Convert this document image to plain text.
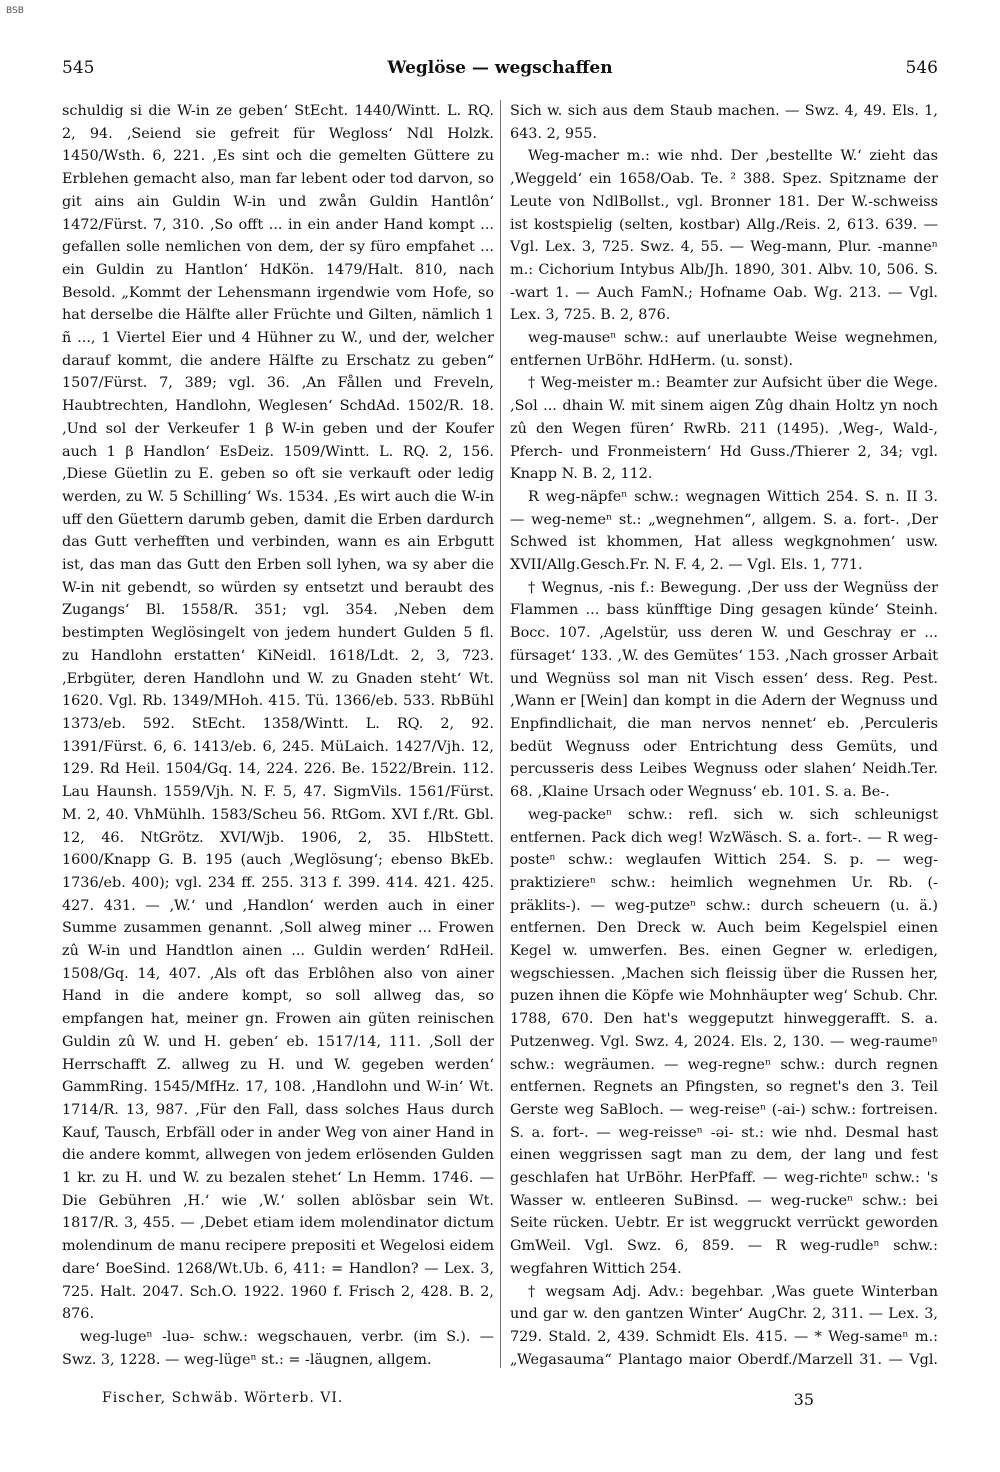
BSB
545	Weglöse — wegschaffen	546

schuldig si die W-in ze geben‘ StEcht. 1440/Wintt. L. RQ. 2, 94. ‚Seiend sie gefreit für Wegloss‘ Ndl Holzk. 1450/Wsth. 6, 221. ‚Es sint och die gemelten Güttere zu Erblehen gemacht also, man far lebent oder tod darvon, so git ains ain Guldin W-in und zwån Guldin Hantlôn‘ 1472/Fürst. 7, 310. ‚So offt ... in ein ander Hand kompt ... gefallen solle nemlichen von dem, der sy füro empfahet ... ein Guldin zu Hantlon‘ HdKön. 1479/Halt. 810, nach Besold. „Kommt der Lehensmann irgendwie vom Hofe, so hat derselbe die Hälfte aller Früchte und Gilten, nämlich 1 ñ ..., 1 Viertel Eier und 4 Hühner zu W., und der, welcher darauf kommt, die andere Hälfte zu Erschatz zu geben“ 1507/Fürst. 7, 389; vgl. 36. ‚An Fållen und Freveln, Haubtrechten, Handlohn, Weglesen‘ SchdAd. 1502/R. 18. ‚Und sol der Verkeufer 1 β W-in geben und der Koufer auch 1 β Handlon‘ EsDeiz. 1509/Wintt. L. RQ. 2, 156. ‚Diese Güetlin zu E. geben so oft sie verkauft oder ledig werden, zu W. 5 Schilling‘ Ws. 1534. ‚Es wirt auch die W-in uff den Güettern darumb geben, damit die Erben dardurch das Gutt verhefften und verbinden, wann es ain Erbgutt ist, das man das Gutt den Erben soll lyhen, wa sy aber die W-in nit gebendt, so würden sy entsetzt und beraubt des Zugangs‘ Bl. 1558/R. 351; vgl. 354. ‚Neben dem bestimpten Weglösingelt von jedem hundert Gulden 5 fl. zu Handlohn erstatten‘ KiNeidl. 1618/Ldt. 2, 3, 723. ‚Erbgüter, deren Handlohn und W. zu Gnaden steht‘ Wt. 1620. Vgl. Rb. 1349/MHoh. 415. Tü. 1366/eb. 533. RbBühl 1373/eb. 592. StEcht. 1358/Wintt. L. RQ. 2, 92. 1391/Fürst. 6, 6. 1413/eb. 6, 245. MüLaich. 1427/Vjh. 12, 129. Rd Heil. 1504/Gq. 14, 224. 226. Be. 1522/Brein. 112. Lau Haunsh. 1559/Vjh. N. F. 5, 47. SigmVils. 1561/Fürst. M. 2, 40. VhMühlh. 1583/Scheu 56. RtGom. XVI f./Rt. Gbl. 12, 46. NtGrötz. XVI/Wjb. 1906, 2, 35. HlbStett. 1600/Knapp G. B. 195 (auch ‚Weglösung‘; ebenso BkEb. 1736/eb. 400); vgl. 234 ff. 255. 313 f. 399. 414. 421. 425. 427. 431. — ‚W.‘ und ‚Handlon‘ werden auch in einer Summe zusammen genannt. ‚Soll alweg miner ... Frowen zû W-in und Handtlon ainen ... Guldin werden‘ RdHeil. 1508/Gq. 14, 407. ‚Als oft das Erblôhen also von ainer Hand in die andere kompt, so soll allweg das, so empfangen hat, meiner gn. Frowen ain güten reinischen Guldin zû W. und H. geben‘ eb. 1517/14, 111. ‚Soll der Herrschafft Z. allweg zu H. und W. gegeben werden‘ GammRing. 1545/MfHz. 17, 108. ‚Handlohn und W-in‘ Wt. 1714/R. 13, 987. ‚Für den Fall, dass solches Haus durch Kauf, Tausch, Erbfäll oder in ander Weg von ainer Hand in die andere kommt, allwegen von jedem erlösenden Gulden 1 kr. zu H. und W. zu bezalen stehet‘ Ln Hemm. 1746. — Die Gebühren ‚H.‘ wie ‚W.‘ sollen ablösbar sein Wt. 1817/R. 3, 455. — ‚Debet etiam idem molendinator dictum molendinum de manu recipere prepositi et Wegelosi eidem dare‘ BoeSind. 1268/Wt.Ub. 6, 411: = Handlon? — Lex. 3, 725. Halt. 2047. Sch.O. 1922. 1960 f. Frisch 2, 428. B. 2, 876.

weg-lugeⁿ -luə- schw.: wegschauen, verbr. (im S.). — Swz. 3, 1228. — weg-lügeⁿ st.: = -läugnen, allgem.

Sich w. sich aus dem Staub machen. — Swz. 4, 49. Els. 1, 643. 2, 955.

Weg-macher m.: wie nhd. Der ‚bestellte W.‘ zieht das ‚Weggeld‘ ein 1658/Oab. Te. ² 388. Spez. Spitzname der Leute von NdlBollst., vgl. Bronner 181. Der W.-schweiss ist kostspielig (selten, kostbar) Allg./Reis. 2, 613. 639. — Vgl. Lex. 3, 725. Swz. 4, 55. — Weg-mann, Plur. -manneⁿ m.: Cichorium Intybus Alb/Jh. 1890, 301. Albv. 10, 506. S. -wart 1. — Auch FamN.; Hofname Oab. Wg. 213. — Vgl. Lex. 3, 725. B. 2, 876.

weg-mauseⁿ schw.: auf unerlaubte Weise wegnehmen, entfernen UrBöhr. HdHerm. (u. sonst).

† Weg-meister m.: Beamter zur Aufsicht über die Wege. ‚Sol ... dhain W. mit sinem aigen Zûg dhain Holtz yn noch zû den Wegen füren‘ RwRb. 211 (1495). ‚Weg-, Wald-, Pferch- und Fronmeistern‘ Hd Guss./Thierer 2, 34; vgl. Knapp N. B. 2, 112.

R weg-näpfeⁿ schw.: wegnagen Wittich 254. S. n. II 3. — weg-nemeⁿ st.: „wegnehmen“, allgem. S. a. fort-. ‚Der Schwed ist khommen, Hat alless wegkgnohmen‘ usw. XVII/Allg.Gesch.Fr. N. F. 4, 2. — Vgl. Els. 1, 771.

† Wegnus, -nis f.: Bewegung. ‚Der uss der Wegnüss der Flammen ... bass künfftige Ding gesagen künde‘ Steinh. Bocc. 107. ‚Agelstür, uss deren W. und Geschray er ... fürsaget‘ 133. ‚W. des Gemütes‘ 153. ‚Nach grosser Arbait und Wegnüss sol man nit Visch essen‘ dess. Reg. Pest. ‚Wann er [Wein] dan kompt in die Adern der Wegnuss und Enpfindlichait, die man nervos nennet‘ eb. ‚Perculeris bedüt Wegnuss oder Entrichtung dess Gemüts, und percusseris dess Leibes Wegnuss oder slahen‘ Neidh.Ter. 68. ‚Klaine Ursach oder Wegnuss‘ eb. 101. S. a. Be-.

weg-packeⁿ schw.: refl. sich w. sich schleunigst entfernen. Pack dich weg! WzWäsch. S. a. fort-. — R weg-posteⁿ schw.: weglaufen Wittich 254. S. p. — weg-praktiziereⁿ schw.: heimlich wegnehmen Ur. Rb. (-präklits-). — weg-putzeⁿ schw.: durch scheuern (u. ä.) entfernen. Den Dreck w. Auch beim Kegelspiel einen Kegel w. umwerfen. Bes. einen Gegner w. erledigen, wegschiessen. ‚Machen sich fleissig über die Russen her, puzen ihnen die Köpfe wie Mohnhäupter weg‘ Schub. Chr. 1788, 670. Den hat's weggeputzt hinweggerafft. S. a. Putzenweg. Vgl. Swz. 4, 2024. Els. 2, 130. — weg-raumeⁿ schw.: wegräumen. — weg-regneⁿ schw.: durch regnen entfernen. Regnets an Pfingsten, so regnet's den 3. Teil Gerste weg SaBloch. — weg-reiseⁿ (-ai-) schw.: fortreisen. S. a. fort-. — weg-reisseⁿ -əi- st.: wie nhd. Desmal hast einen weggrissen sagt man zu dem, der lang und fest geschlafen hat UrBöhr. HerPfaff. — weg-richteⁿ schw.: 's Wasser w. entleeren SuBinsd. — weg-ruckeⁿ schw.: bei Seite rücken. Uebtr. Er ist weggruckt verrückt geworden GmWeil. Vgl. Swz. 6, 859. — R weg-rudleⁿ schw.: wegfahren Wittich 254.

† wegsam Adj. Adv.: begehbar. ‚Was guete Winterban und gar w. den gantzen Winter‘ AugChr. 2, 311. — Lex. 3, 729. Stald. 2, 439. Schmidt Els. 415. — * Weg-sameⁿ m.: „Wegasauma“ Plantago maior Oberdf./Marzell 31. — Vgl.

Fischer, Schwäb. Wörterb. VI.	35
